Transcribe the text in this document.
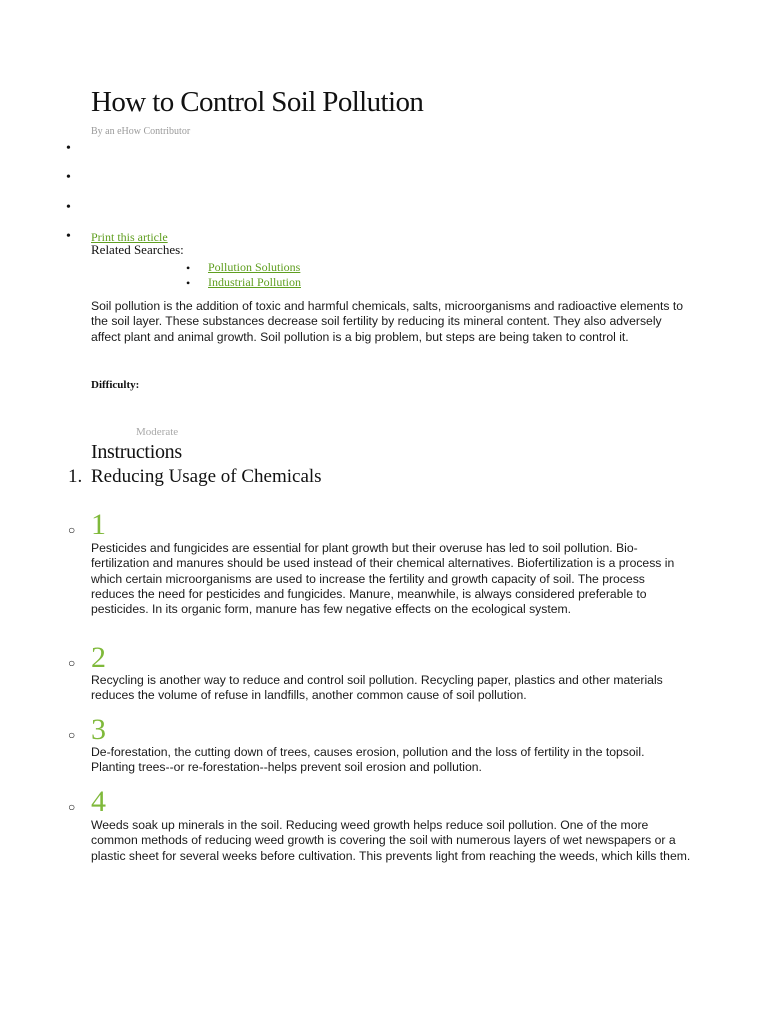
How to Control Soil Pollution
By an eHow Contributor
•
•
•
• Print this article
Related Searches:
• Pollution Solutions
• Industrial Pollution

Soil pollution is the addition of toxic and harmful chemicals, salts, microorganisms and radioactive elements to the soil layer. These substances decrease soil fertility by reducing its mineral content. They also adversely affect plant and animal growth. Soil pollution is a big problem, but steps are being taken to control it.

Difficulty:
Moderate
Instructions
1. Reducing Usage of Chemicals
○ 1

Pesticides and fungicides are essential for plant growth but their overuse has led to soil pollution. Bio-fertilization and manures should be used instead of their chemical alternatives. Biofertilization is a process in which certain microorganisms are used to increase the fertility and growth capacity of soil. The process reduces the need for pesticides and fungicides. Manure, meanwhile, is always considered preferable to pesticides. In its organic form, manure has few negative effects on the ecological system.

○ 2

Recycling is another way to reduce and control soil pollution. Recycling paper, plastics and other materials reduces the volume of refuse in landfills, another common cause of soil pollution.

○ 3

De-forestation, the cutting down of trees, causes erosion, pollution and the loss of fertility in the topsoil. Planting trees--or re-forestation--helps prevent soil erosion and pollution.

○ 4

Weeds soak up minerals in the soil. Reducing weed growth helps reduce soil pollution. One of the more common methods of reducing weed growth is covering the soil with numerous layers of wet newspapers or a plastic sheet for several weeks before cultivation. This prevents light from reaching the weeds, which kills them.
